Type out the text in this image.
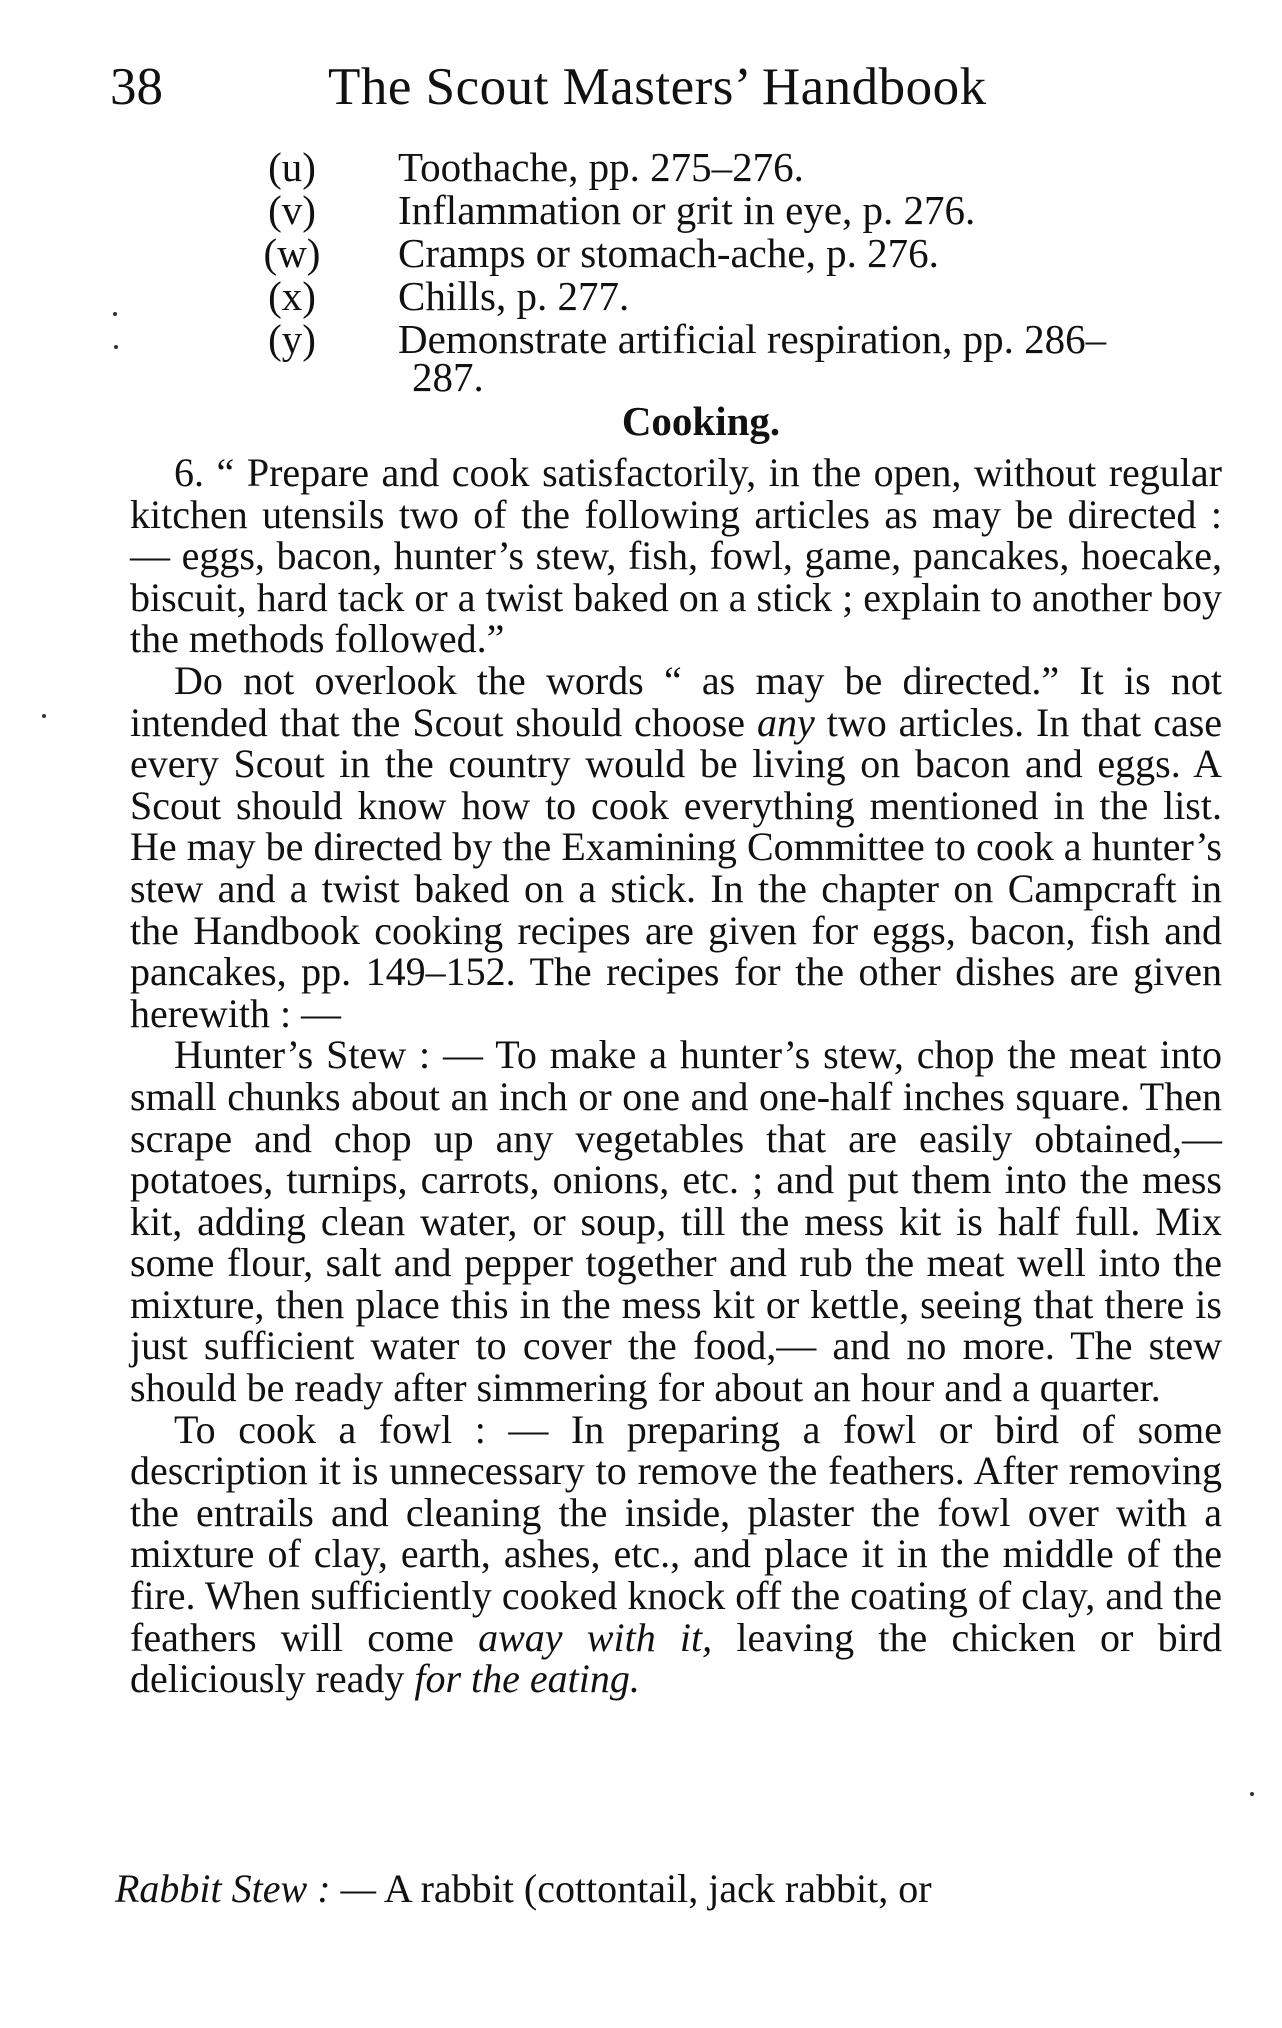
38	The Scout Masters’ Handbook
(u) Toothache, pp. 275–276.
(v) Inflammation or grit in eye, p. 276.
(w) Cramps or stomach-ache, p. 276.
(x) Chills, p. 277.
(y) Demonstrate artificial respiration, pp. 286–
287.
Cooking.

6. “ Prepare and cook satisfactorily, in the open, without regular kitchen utensils two of the following articles as may be directed : — eggs, bacon, hunter’s stew, fish, fowl, game, pancakes, hoecake, biscuit, hard tack or a twist baked on a stick ; explain to another boy the methods followed.”

Do not overlook the words “ as may be directed.” It is not intended that the Scout should choose any two articles. In that case every Scout in the country would be living on bacon and eggs. A Scout should know how to cook everything mentioned in the list. He may be directed by the Examining Committee to cook a hunter’s stew and a twist baked on a stick. In the chapter on Campcraft in the Handbook cooking recipes are given for eggs, bacon, fish and pancakes, pp. 149–152. The recipes for the other dishes are given herewith : —

Hunter’s Stew : — To make a hunter’s stew, chop the meat into small chunks about an inch or one and one-half inches square. Then scrape and chop up any vegetables that are easily obtained,— potatoes, turnips, carrots, onions, etc. ; and put them into the mess kit, adding clean water, or soup, till the mess kit is half full. Mix some flour, salt and pepper together and rub the meat well into the mixture, then place this in the mess kit or kettle, seeing that there is just sufficient water to cover the food,— and no more. The stew should be ready after simmering for about an hour and a quarter.

To cook a fowl : — In preparing a fowl or bird of some description it is unnecessary to remove the feathers. After removing the entrails and cleaning the inside, plaster the fowl over with a mixture of clay, earth, ashes, etc., and place it in the middle of the fire. When sufficiently cooked knock off the coating of clay, and the feathers will come away with it, leaving the chicken or bird deliciously ready for the eating.

Rabbit Stew : — A rabbit (cottontail, jack rabbit, or
